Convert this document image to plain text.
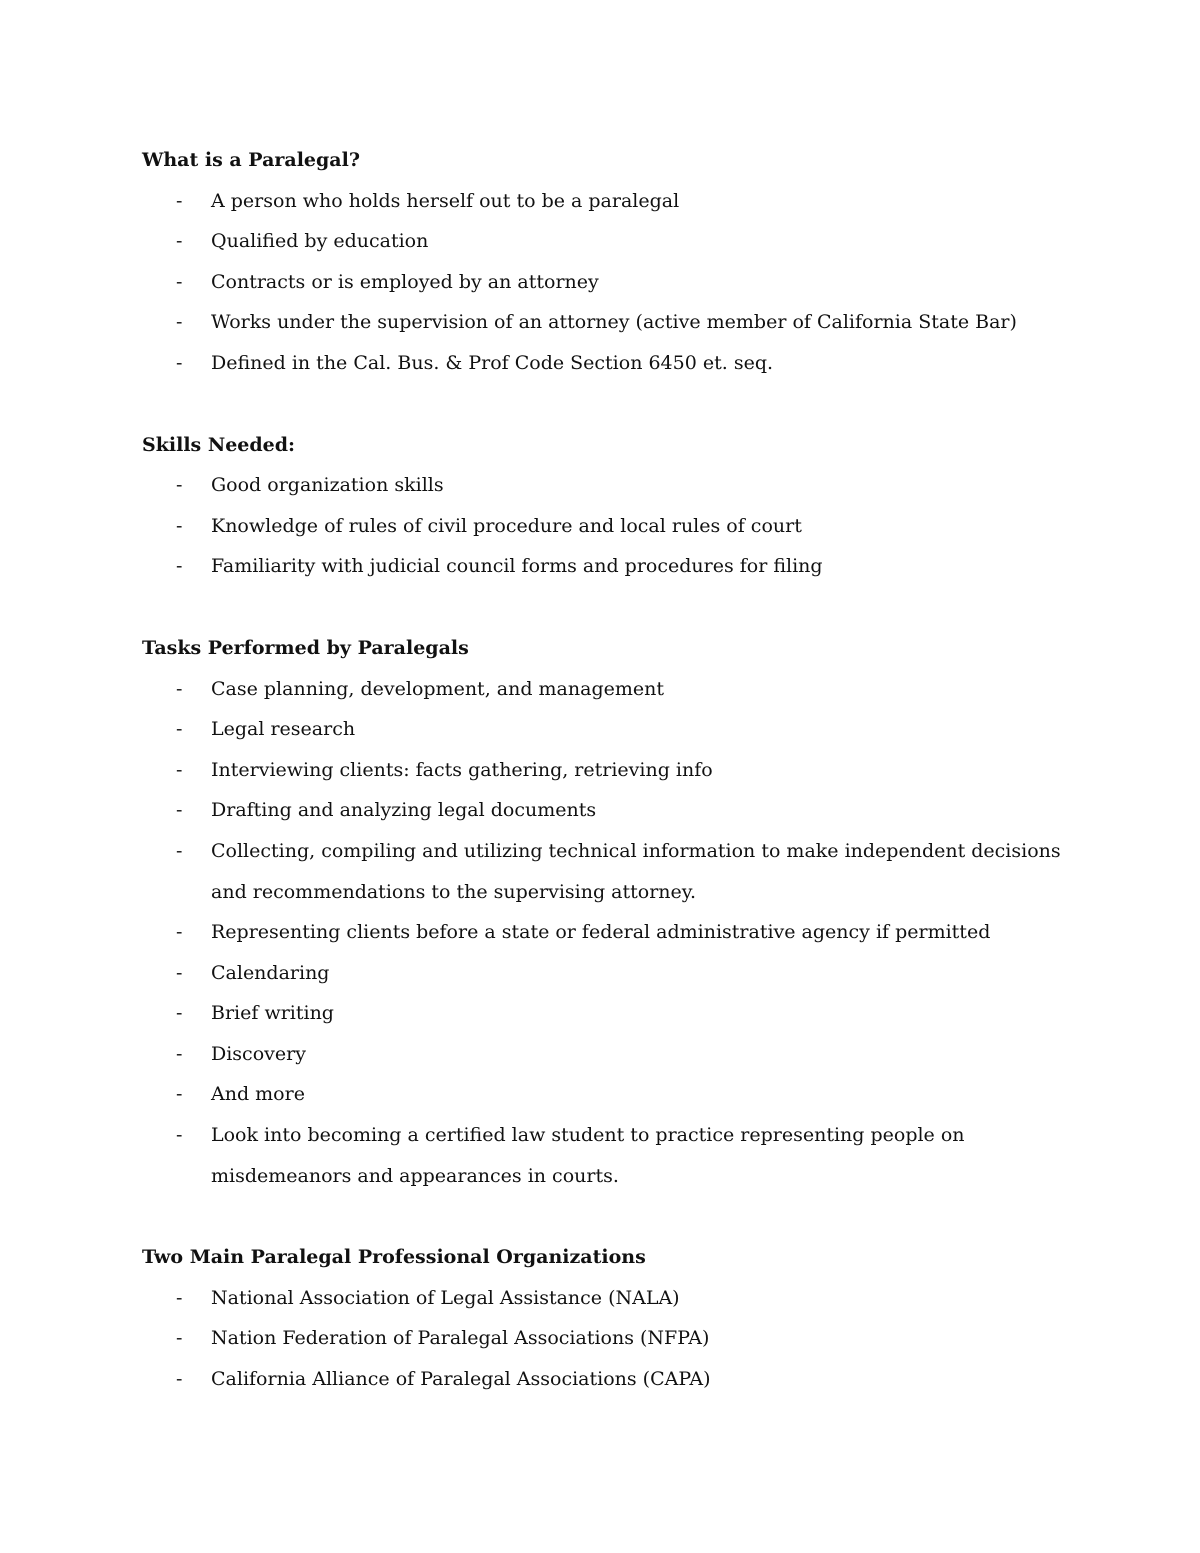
What is a Paralegal?
- A person who holds herself out to be a paralegal
- Qualified by education
- Contracts or is employed by an attorney
- Works under the supervision of an attorney (active member of California State Bar)
- Defined in the Cal. Bus. & Prof Code Section 6450 et. seq.
Skills Needed:
- Good organization skills
- Knowledge of rules of civil procedure and local rules of court
- Familiarity with judicial council forms and procedures for filing
Tasks Performed by Paralegals
- Case planning, development, and management
- Legal research
- Interviewing clients: facts gathering, retrieving info
- Drafting and analyzing legal documents
- Collecting, compiling and utilizing technical information to make independent decisions and recommendations to the supervising attorney.
- Representing clients before a state or federal administrative agency if permitted
- Calendaring
- Brief writing
- Discovery
- And more
- Look into becoming a certified law student to practice representing people on misdemeanors and appearances in courts.
Two Main Paralegal Professional Organizations
- National Association of Legal Assistance (NALA)
- Nation Federation of Paralegal Associations (NFPA)
- California Alliance of Paralegal Associations (CAPA)
